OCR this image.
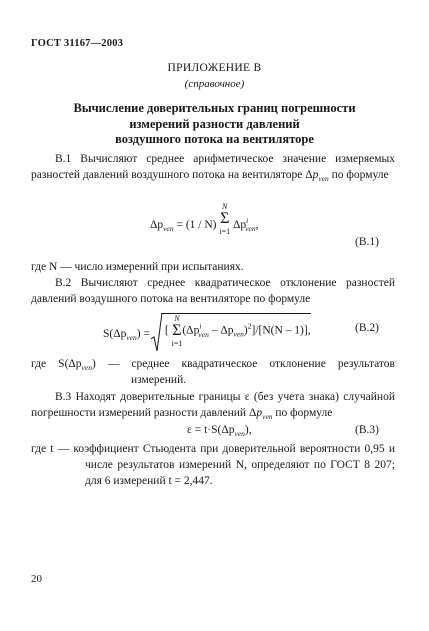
ГОСТ 31167—2003
ПРИЛОЖЕНИЕ В
(справочное)
Вычисление доверительных границ погрешности
измерений разности давлений
воздушного потока на вентиляторе
В.1 Вычисляют среднее арифметическое значение измеряемых разностей давлений воздушного потока на вентиляторе $\Delta p_{ven}$ по формуле
$\Delta p_{ven} = (1 / N)$
N
Σ
i=1
$\Delta p^i_{ven}$,
(В.1)
где N — число измерений при испытаниях.
В.2 Вычисляют среднее квадратическое отклонение разностей давлений воздушного потока на вентиляторе по формуле
$S(\Delta p_{ven})$ = [
N
Σ
i=1
$(\Delta p^i_{ven} - \Delta p_{ven})^2]/[N(N - 1)]$,	(В.2)
где $S(\Delta p_{ven})$ — среднее квадратическое отклонение результатов измерений.
В.3 Находят доверительные границы ε (без учета знака) случайной погрешности измерений разности давлений $\Delta p_{ven}$ по формуле
$\varepsilon = t\cdot S(\Delta p_{ven})$,	(В.3)
где t — коэффициент Стьюдента при доверительной вероятности 0,95 и числе результатов измерений N, определяют по ГОСТ 8 207; для 6 измерений t = 2,447.
20
